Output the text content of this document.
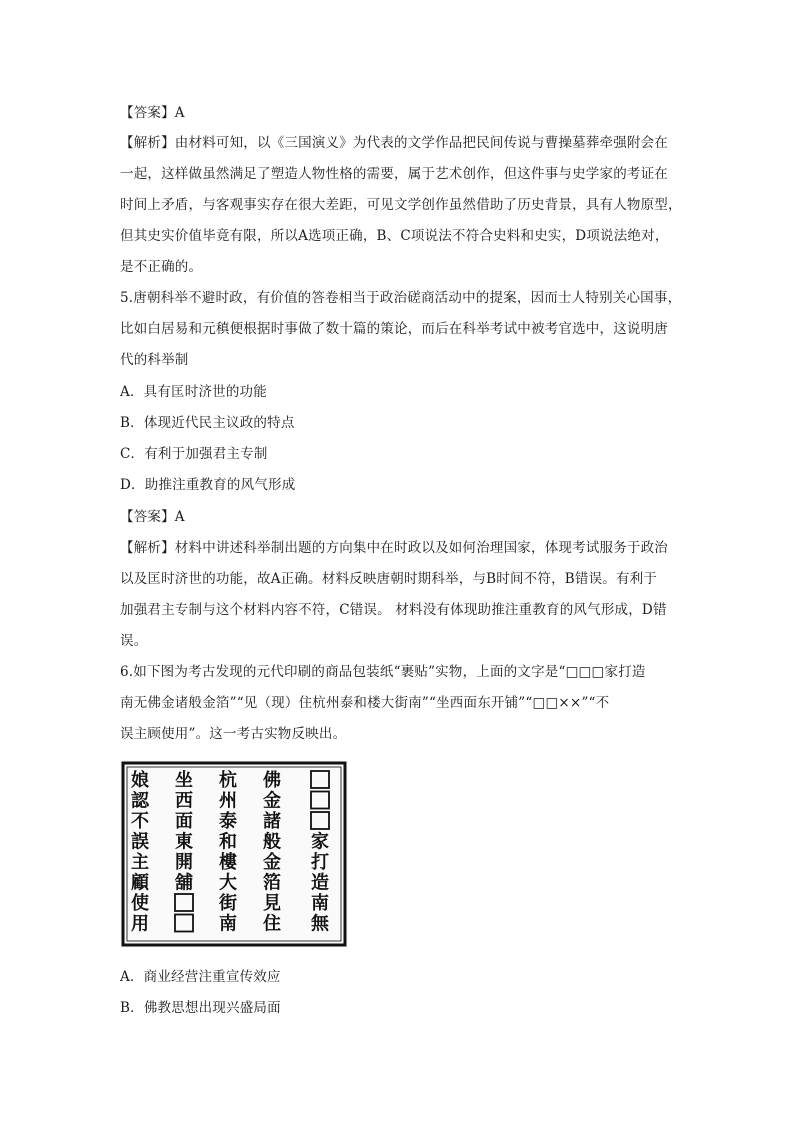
【答案】A
【解析】由材料可知，以《三国演义》为代表的文学作品把民间传说与曹操墓葬牵强附会在
一起，这样做虽然满足了塑造人物性格的需要，属于艺术创作，但这件事与史学家的考证在
时间上矛盾，与客观事实存在很大差距，可见文学创作虽然借助了历史背景，具有人物原型，
但其史实价值毕竟有限，所以A选项正确，B、C项说法不符合史料和史实，D项说法绝对，
是不正确的。
5.唐朝科举不避时政，有价值的答卷相当于政治磋商活动中的提案，因而士人特别关心国事，
比如白居易和元稹便根据时事做了数十篇的策论，而后在科举考试中被考官选中，这说明唐
代的科举制
A．具有匡时济世的功能
B．体现近代民主议政的特点
C．有利于加强君主专制
D．助推注重教育的风气形成
【答案】A
【解析】材料中讲述科举制出题的方向集中在时政以及如何治理国家，体现考试服务于政治
以及匡时济世的功能，故A正确。材料反映唐朝时期科举，与B时间不符，B错误。有利于
加强君主专制与这个材料内容不符，C错误。 材料没有体现助推注重教育的风气形成，D错
误。
6.如下图为考古发现的元代印刷的商品包装纸“裹贴”实物，上面的文字是“□□□家打造
南无佛金诸般金箔”“见（现）住杭州泰和楼大街南”“坐西面东开铺”“□□××”“不
误主顾使用”。这一考古实物反映出。
家
打
造
南
無
佛
金
諸
般
金
箔
見
住
杭
州
泰
和
樓
大
街
南
坐
西
面
東
開
舖
娘
認
不
誤
主
顧
使
用
A．商业经营注重宣传效应
B．佛教思想出现兴盛局面
